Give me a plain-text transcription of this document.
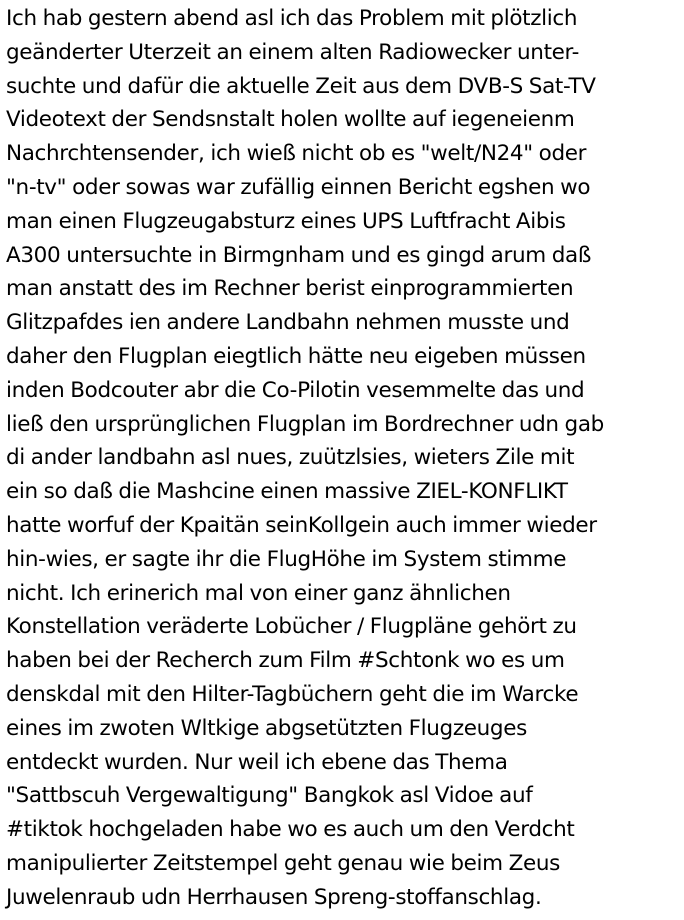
Ich hab gestern abend asl ich das Problem mit plötzlich
geänderter Uterzeit an einem alten Radiowecker unter-
suchte und dafür die aktuelle Zeit aus dem DVB-S Sat-TV
Videotext der Sendsnstalt holen wollte auf iegeneienm
Nachrchtensender, ich wieß nicht ob es "welt/N24" oder
"n-tv" oder sowas war zufällig einnen Bericht egshen wo
man einen Flugzeugabsturz eines UPS Luftfracht Aibis
A300 untersuchte in Birmgnham und es gingd arum daß
man anstatt des im Rechner berist einprogrammierten
Glitzpafdes ien andere Landbahn nehmen musste und
daher den Flugplan eiegtlich hätte neu eigeben müssen
inden Bodcouter abr die Co-Pilotin vesemmelte das und
ließ den ursprünglichen Flugplan im Bordrechner udn gab
di ander landbahn asl nues, zuützlsies, wieters Zile mit
ein so daß die Mashcine einen massive ZIEL-KONFLIKT
hatte worfuf der Kpaitän seinKollgein auch immer wieder
hin-wies, er sagte ihr die FlugHöhe im System stimme
nicht. Ich erinerich mal von einer ganz ähnlichen
Konstellation veräderte Lobücher / Flugpläne gehört zu
haben bei der Recherch zum Film #Schtonk wo es um
denskdal mit den Hilter-Tagbüchern geht die im Warcke
eines im zwoten Wltkige abgsetützten Flugzeuges
entdeckt wurden. Nur weil ich ebene das Thema
"Sattbscuh Vergewaltigung" Bangkok asl Vidoe auf
#tiktok hochgeladen habe wo es auch um den Verdcht
manipulierter Zeitstempel geht genau wie beim Zeus
Juwelenraub udn Herrhausen Spreng-stoffanschlag.
